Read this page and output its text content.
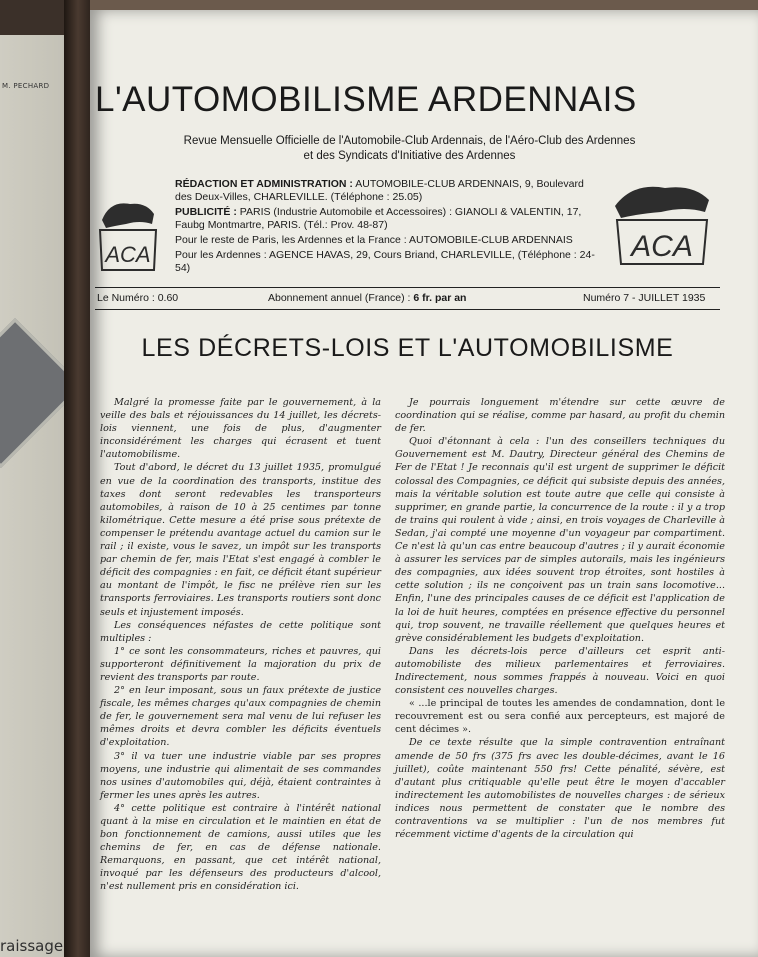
M. PECHARD
raissage
L'AUTOMOBILISME ARDENNAIS
Revue Mensuelle Officielle de l'Automobile-Club Ardennais, de l'Aéro-Club des Ardennes
et des Syndicats d'Initiative des Ardennes
ACA	ACA

RÉDACTION ET ADMINISTRATION : AUTOMOBILE-CLUB ARDENNAIS, 9, Boulevard des Deux-Villes, CHARLEVILLE. (Téléphone : 25.05)

PUBLICITÉ : PARIS (Industrie Automobile et Accessoires) : GIANOLI & VALENTIN, 17, Faubg Montmartre, PARIS. (Tél.: Prov. 48-87)

Pour le reste de Paris, les Ardennes et la France : AUTOMOBILE-CLUB ARDENNAIS

Pour les Ardennes : AGENCE HAVAS, 29, Cours Briand, CHARLEVILLE, (Téléphone : 24-54)

Le Numéro : 0.60	Abonnement annuel (France) : 6 fr. par an	Numéro 7 - JUILLET 1935
LES DÉCRETS-LOIS ET L'AUTOMOBILISME

Malgré la promesse faite par le gouvernement, à la veille des bals et réjouissances du 14 juillet, les décrets-lois viennent, une fois de plus, d'augmenter inconsidérément les charges qui écrasent et tuent l'automobilisme.

Tout d'abord, le décret du 13 juillet 1935, promulgué en vue de la coordination des transports, institue des taxes dont seront redevables les transporteurs automobiles, à raison de 10 à 25 centimes par tonne kilométrique. Cette mesure a été prise sous prétexte de compenser le prétendu avantage actuel du camion sur le rail ; il existe, vous le savez, un impôt sur les transports par chemin de fer, mais l'Etat s'est engagé à combler le déficit des compagnies : en fait, ce déficit étant supérieur au montant de l'impôt, le fisc ne prélève rien sur les transports ferroviaires. Les transports routiers sont donc seuls et injustement imposés.

Les conséquences néfastes de cette politique sont multiples :

1° ce sont les consommateurs, riches et pauvres, qui supporteront définitivement la majoration du prix de revient des transports par route.

2° en leur imposant, sous un faux prétexte de justice fiscale, les mêmes charges qu'aux compagnies de chemin de fer, le gouvernement sera mal venu de lui refuser les mêmes droits et devra combler les déficits éventuels d'exploitation.

3° il va tuer une industrie viable par ses propres moyens, une industrie qui alimentait de ses commandes nos usines d'automobiles qui, déjà, étaient contraintes à fermer les unes après les autres.

4° cette politique est contraire à l'intérêt national quant à la mise en circulation et le maintien en état de bon fonctionnement de camions, aussi utiles que les chemins de fer, en cas de défense nationale. Remarquons, en passant, que cet intérêt national, invoqué par les défenseurs des producteurs d'alcool, n'est nullement pris en considération ici.

Je pourrais longuement m'étendre sur cette œuvre de coordination qui se réalise, comme par hasard, au profit du chemin de fer.

Quoi d'étonnant à cela : l'un des conseillers techniques du Gouvernement est M. Dautry, Directeur général des Chemins de Fer de l'Etat ! Je reconnais qu'il est urgent de supprimer le déficit colossal des Compagnies, ce déficit qui subsiste depuis des années, mais la véritable solution est toute autre que celle qui consiste à supprimer, en grande partie, la concurrence de la route : il y a trop de trains qui roulent à vide ; ainsi, en trois voyages de Charleville à Sedan, j'ai compté une moyenne d'un voyageur par compartiment. Ce n'est là qu'un cas entre beaucoup d'autres ; il y aurait économie à assurer les services par de simples autorails, mais les ingénieurs des compagnies, aux idées souvent trop étroites, sont hostiles à cette solution ; ils ne conçoivent pas un train sans locomotive... Enfin, l'une des principales causes de ce déficit est l'application de la loi de huit heures, comptées en présence effective du personnel qui, trop souvent, ne travaille réellement que quelques heures et grève considérablement les budgets d'exploitation.

Dans les décrets-lois perce d'ailleurs cet esprit anti-automobiliste des milieux parlementaires et ferroviaires. Indirectement, nous sommes frappés à nouveau. Voici en quoi consistent ces nouvelles charges.

« ...le principal de toutes les amendes de condamnation, dont le recouvrement est ou sera confié aux percepteurs, est majoré de cent décimes ».

De ce texte résulte que la simple contravention entraînant amende de 50 frs (375 frs avec les double-décimes, avant le 16 juillet), coûte maintenant 550 frs! Cette pénalité, sévère, est d'autant plus critiquable qu'elle peut être le moyen d'accabler indirectement les automobilistes de nouvelles charges : de sérieux indices nous permettent de constater que le nombre des contraventions va se multiplier : l'un de nos membres fut récemment victime d'agents de la circulation qui
